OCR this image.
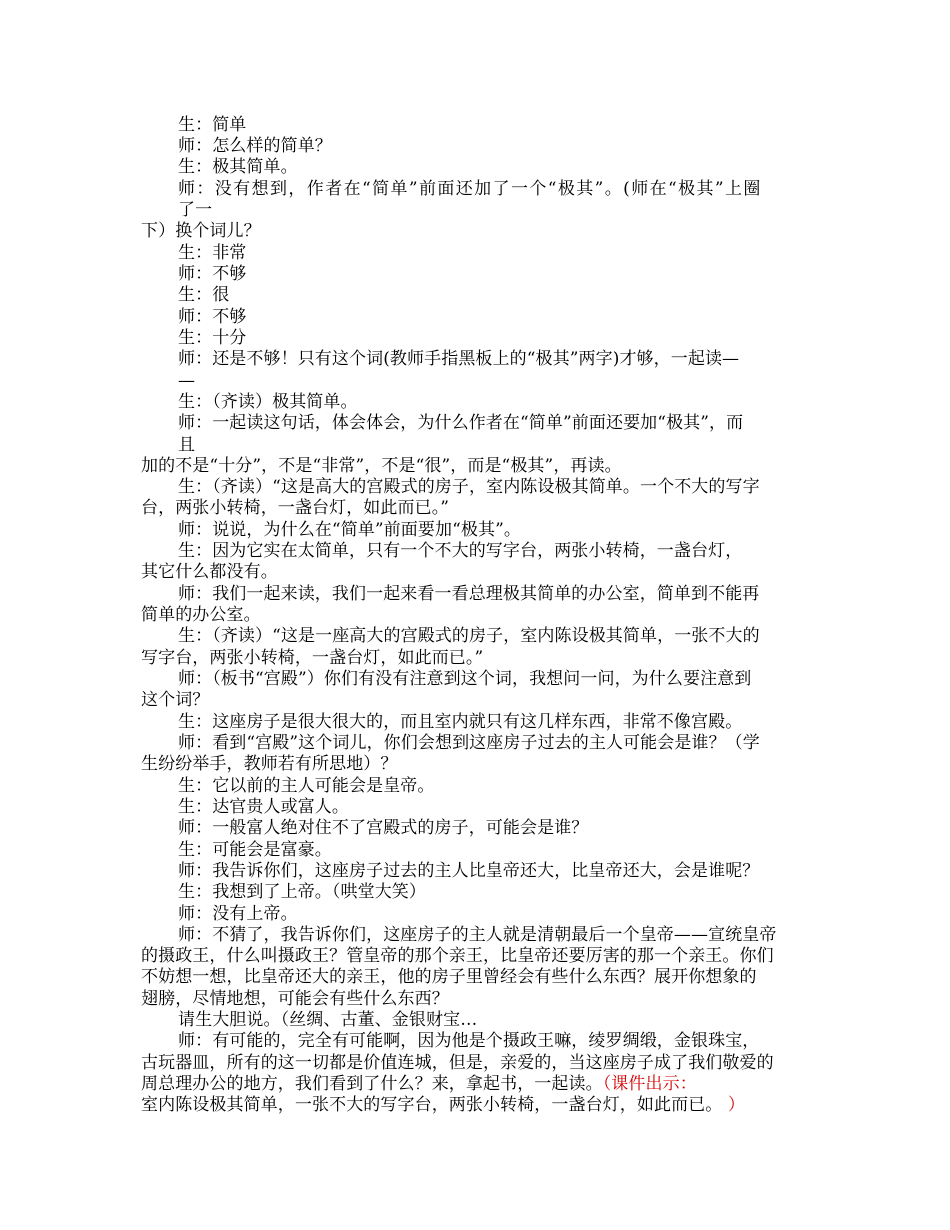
生：简单
师：怎么样的简单？
生：极其简单。
师：没有想到，作者在“简单”前面还加了一个“极其”。(师在“极其”上圈
了一
下）换个词儿？
生：非常
师：不够
生：很
师：不够
生：十分
师：还是不够！只有这个词(教师手指黑板上的“极其”两字)才够，一起读—
—
生：（齐读）极其简单。
师：一起读这句话，体会体会，为什么作者在“简单”前面还要加“极其”，而
且
加的不是“十分”，不是“非常”，不是“很”，而是“极其”，再读。
生：（齐读）“这是高大的宫殿式的房子，室内陈设极其简单。一个不大的写字
台，两张小转椅，一盏台灯，如此而已。”
师：说说，为什么在“简单”前面要加“极其”。
生：因为它实在太简单，只有一个不大的写字台，两张小转椅，一盏台灯，
其它什么都没有。
师：我们一起来读，我们一起来看一看总理极其简单的办公室，简单到不能再
简单的办公室。
生：（齐读）“这是一座高大的宫殿式的房子，室内陈设极其简单，一张不大的
写字台，两张小转椅，一盏台灯，如此而已。”
师：（板书“宫殿”）你们有没有注意到这个词，我想问一问，为什么要注意到
这个词？
生：这座房子是很大很大的，而且室内就只有这几样东西，非常不像宫殿。
师：看到“宫殿”这个词儿，你们会想到这座房子过去的主人可能会是谁？（学
生纷纷举手，教师若有所思地）？
生：它以前的主人可能会是皇帝。
生：达官贵人或富人。
师：一般富人绝对住不了宫殿式的房子，可能会是谁？
生：可能会是富豪。
师：我告诉你们，这座房子过去的主人比皇帝还大，比皇帝还大，会是谁呢？
生：我想到了上帝。（哄堂大笑）
师：没有上帝。
师：不猜了，我告诉你们，这座房子的主人就是清朝最后一个皇帝——宣统皇帝
的摄政王，什么叫摄政王？管皇帝的那个亲王，比皇帝还要厉害的那一个亲王。你们
不妨想一想，比皇帝还大的亲王，他的房子里曾经会有些什么东西？展开你想象的
翅膀，尽情地想，可能会有些什么东西？
请生大胆说。（丝绸、古董、金银财宝…
师：有可能的，完全有可能啊，因为他是个摄政王嘛，绫罗绸缎，金银珠宝，
古玩器皿，所有的这一切都是价值连城，但是，亲爱的，当这座房子成了我们敬爱的
周总理办公的地方，我们看到了什么？来，拿起书，一起读。（课件出示：
室内陈设极其简单，一张不大的写字台，两张小转椅，一盏台灯，如此而已。 ）
